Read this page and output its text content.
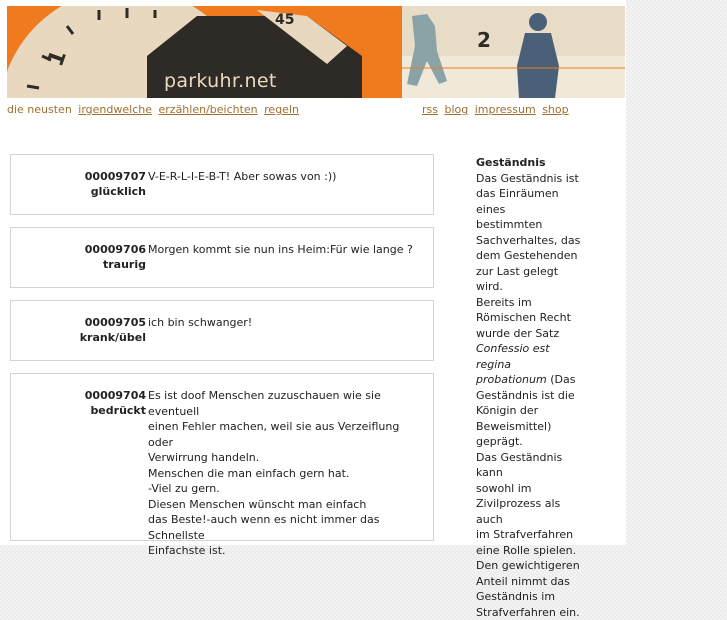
1
45
60
2
parkuhr.net
die neusten irgendwelche erzählen/beichten regeln	rss blog impressum shop
00009707
glücklich
V-E-R-L-I-E-B-T! Aber sowas von :))
00009706
traurig
Morgen kommt sie nun ins Heim:Für wie lange ?
00009705
krank/übel
ich bin schwanger!
00009704
bedrückt
Es ist doof Menschen zuzuschauen wie sie eventuell
einen Fehler machen, weil sie aus Verzeiflung oder
Verwirrung handeln.
Menschen die man einfach gern hat.
-Viel zu gern.
Diesen Menschen wünscht man einfach
das Beste!-auch wenn es nicht immer das Schnellste
Einfachste ist.
Geständnis
Das Geständnis ist
das Einräumen eines
bestimmten
Sachverhaltes, das
dem Gestehenden
zur Last gelegt wird.
Bereits im
Römischen Recht
wurde der Satz
Confessio est regina
probationum (Das
Geständnis ist die
Königin der
Beweismittel)
geprägt.
Das Geständnis kann
sowohl im
Zivilprozess als auch
im Strafverfahren
eine Rolle spielen.
Den gewichtigeren
Anteil nimmt das
Geständnis im
Strafverfahren ein.
